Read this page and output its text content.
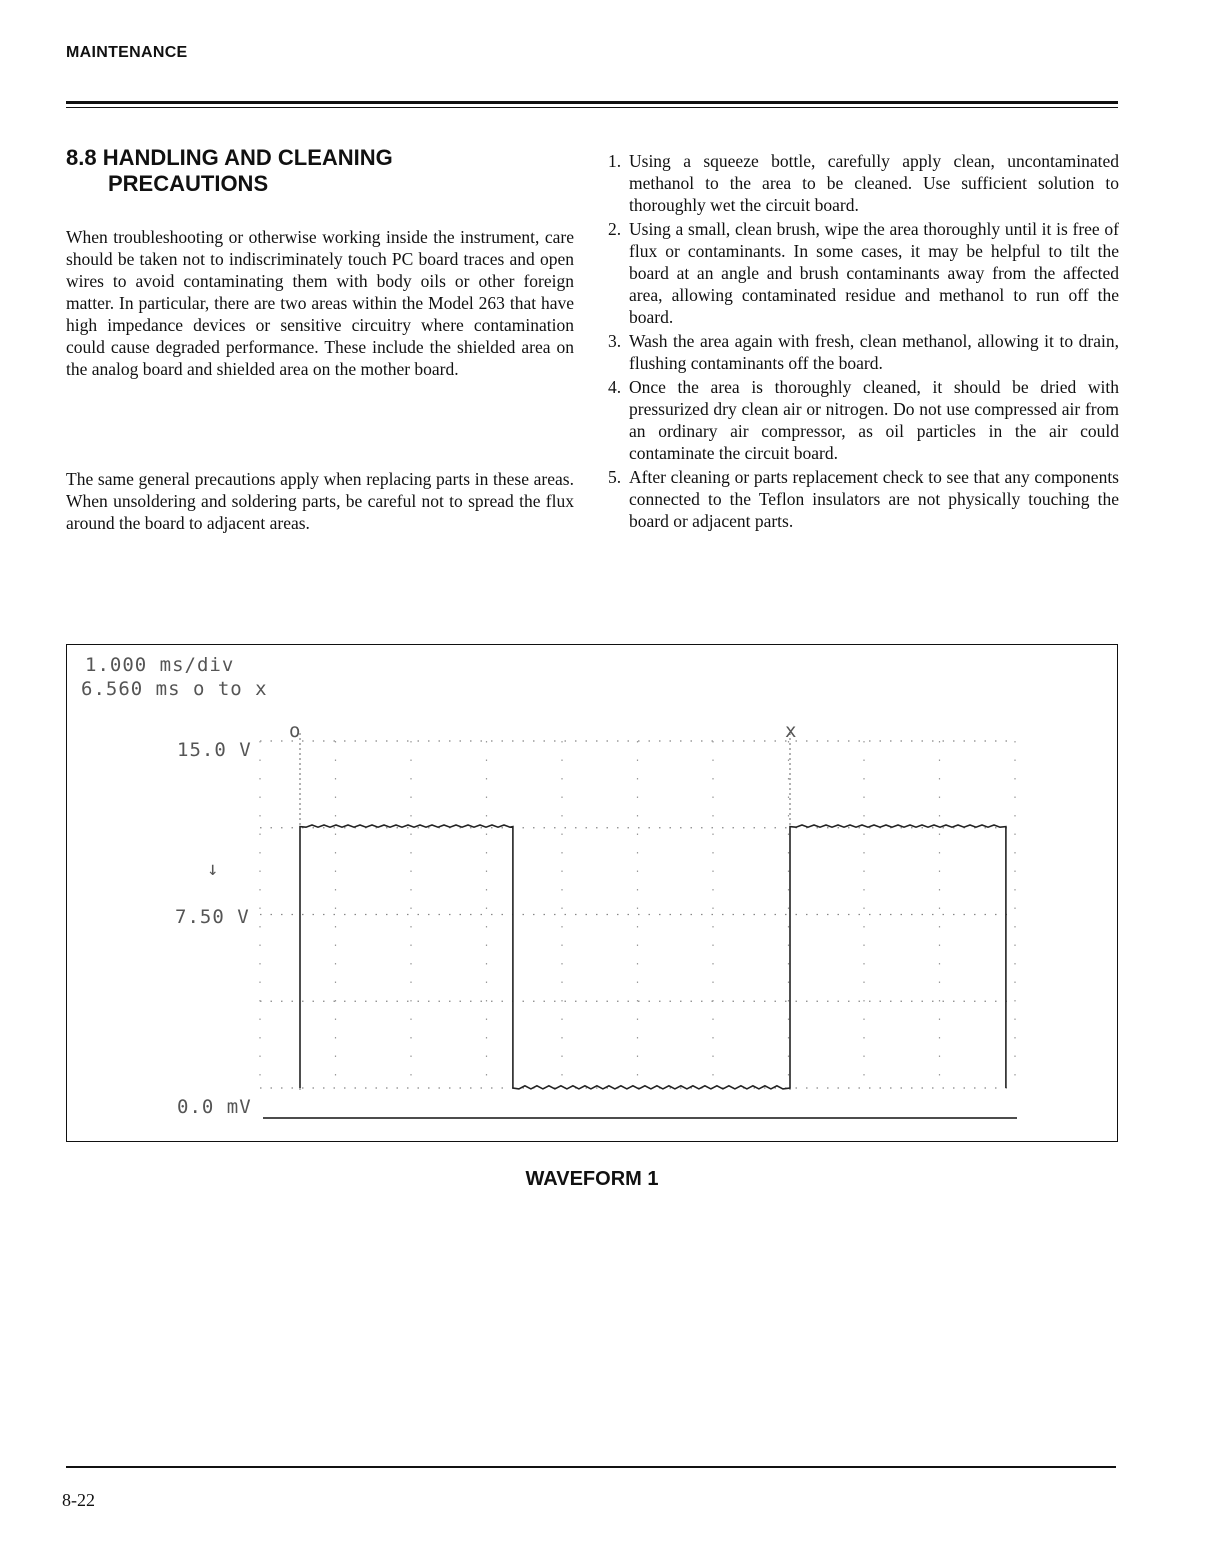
MAINTENANCE
8.8 HANDLING AND CLEANING
PRECAUTIONS

When troubleshooting or otherwise working inside the instrument, care should be taken not to indiscriminately touch PC board traces and open wires to avoid contaminating them with body oils or other foreign matter. In particular, there are two areas within the Model 263 that have high impedance devices or sensitive circuitry where contamination could cause degraded performance. These include the shielded area on the analog board and shielded area on the mother board.

The same general precautions apply when replacing parts in these areas. When unsoldering and soldering parts, be careful not to spread the flux around the board to adjacent areas.

1. Using a squeeze bottle, carefully apply clean, uncontaminated methanol to the area to be cleaned. Use sufficient solution to thoroughly wet the circuit board.
2. Using a small, clean brush, wipe the area thoroughly until it is free of flux or contaminants. In some cases, it may be helpful to tilt the board at an angle and brush contaminants away from the affected area, allowing contaminated residue and methanol to run off the board.
3. Wash the area again with fresh, clean methanol, allowing it to drain, flushing contaminants off the board.
4. Once the area is thoroughly cleaned, it should be dried with pressurized dry clean air or nitrogen. Do not use compressed air from an ordinary air compressor, as oil particles in the air could contaminate the circuit board.
5. After cleaning or parts replacement check to see that any components connected to the Teflon insulators are not physically touching the board or adjacent parts.
1.000 ms/div
6.560 ms o to x
15.0 V
↓
7.50 V
0.0 mV
o	x
WAVEFORM 1
8-22
